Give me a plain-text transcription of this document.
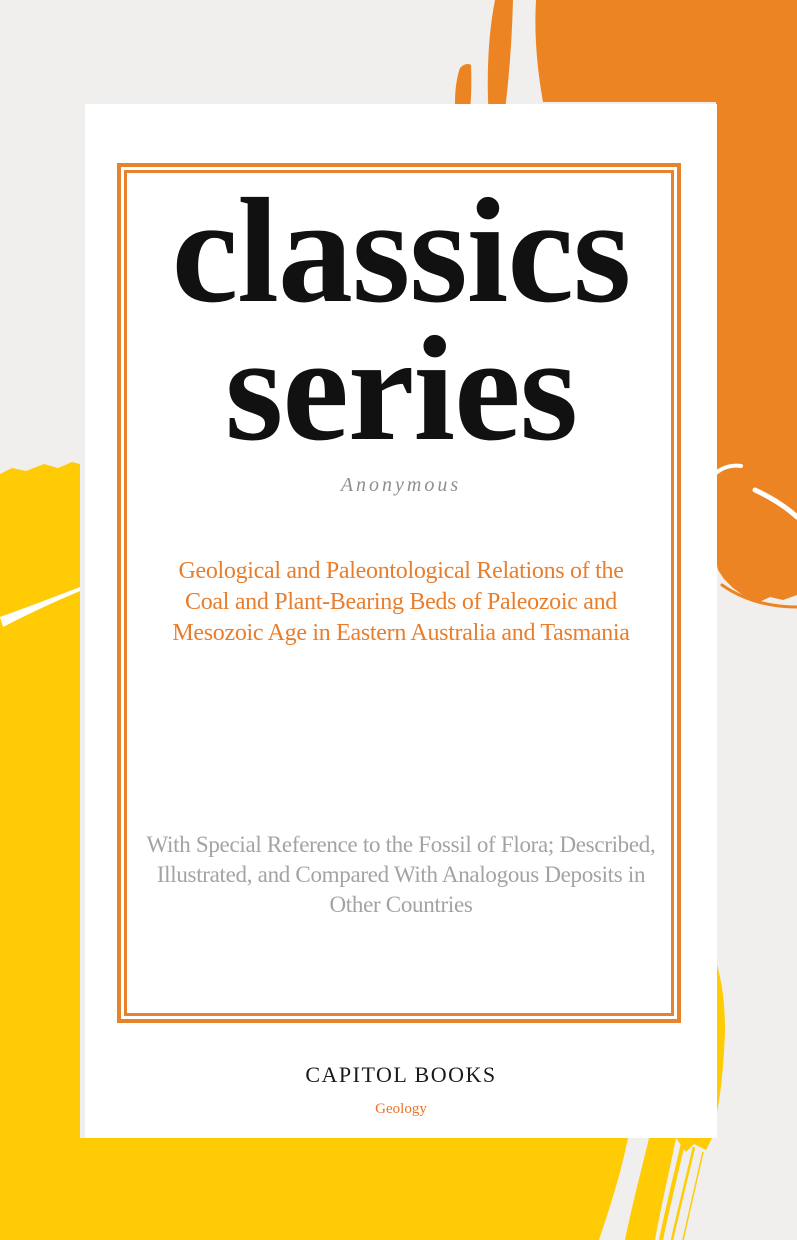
classics
series
Anonymous
Geological and Paleontological Relations of the
Coal and Plant-Bearing Beds of Paleozoic and
Mesozoic Age in Eastern Australia and Tasmania
With Special Reference to the Fossil of Flora; Described,
Illustrated, and Compared With Analogous Deposits in
Other Countries
CAPITOL BOOKS
Geology
